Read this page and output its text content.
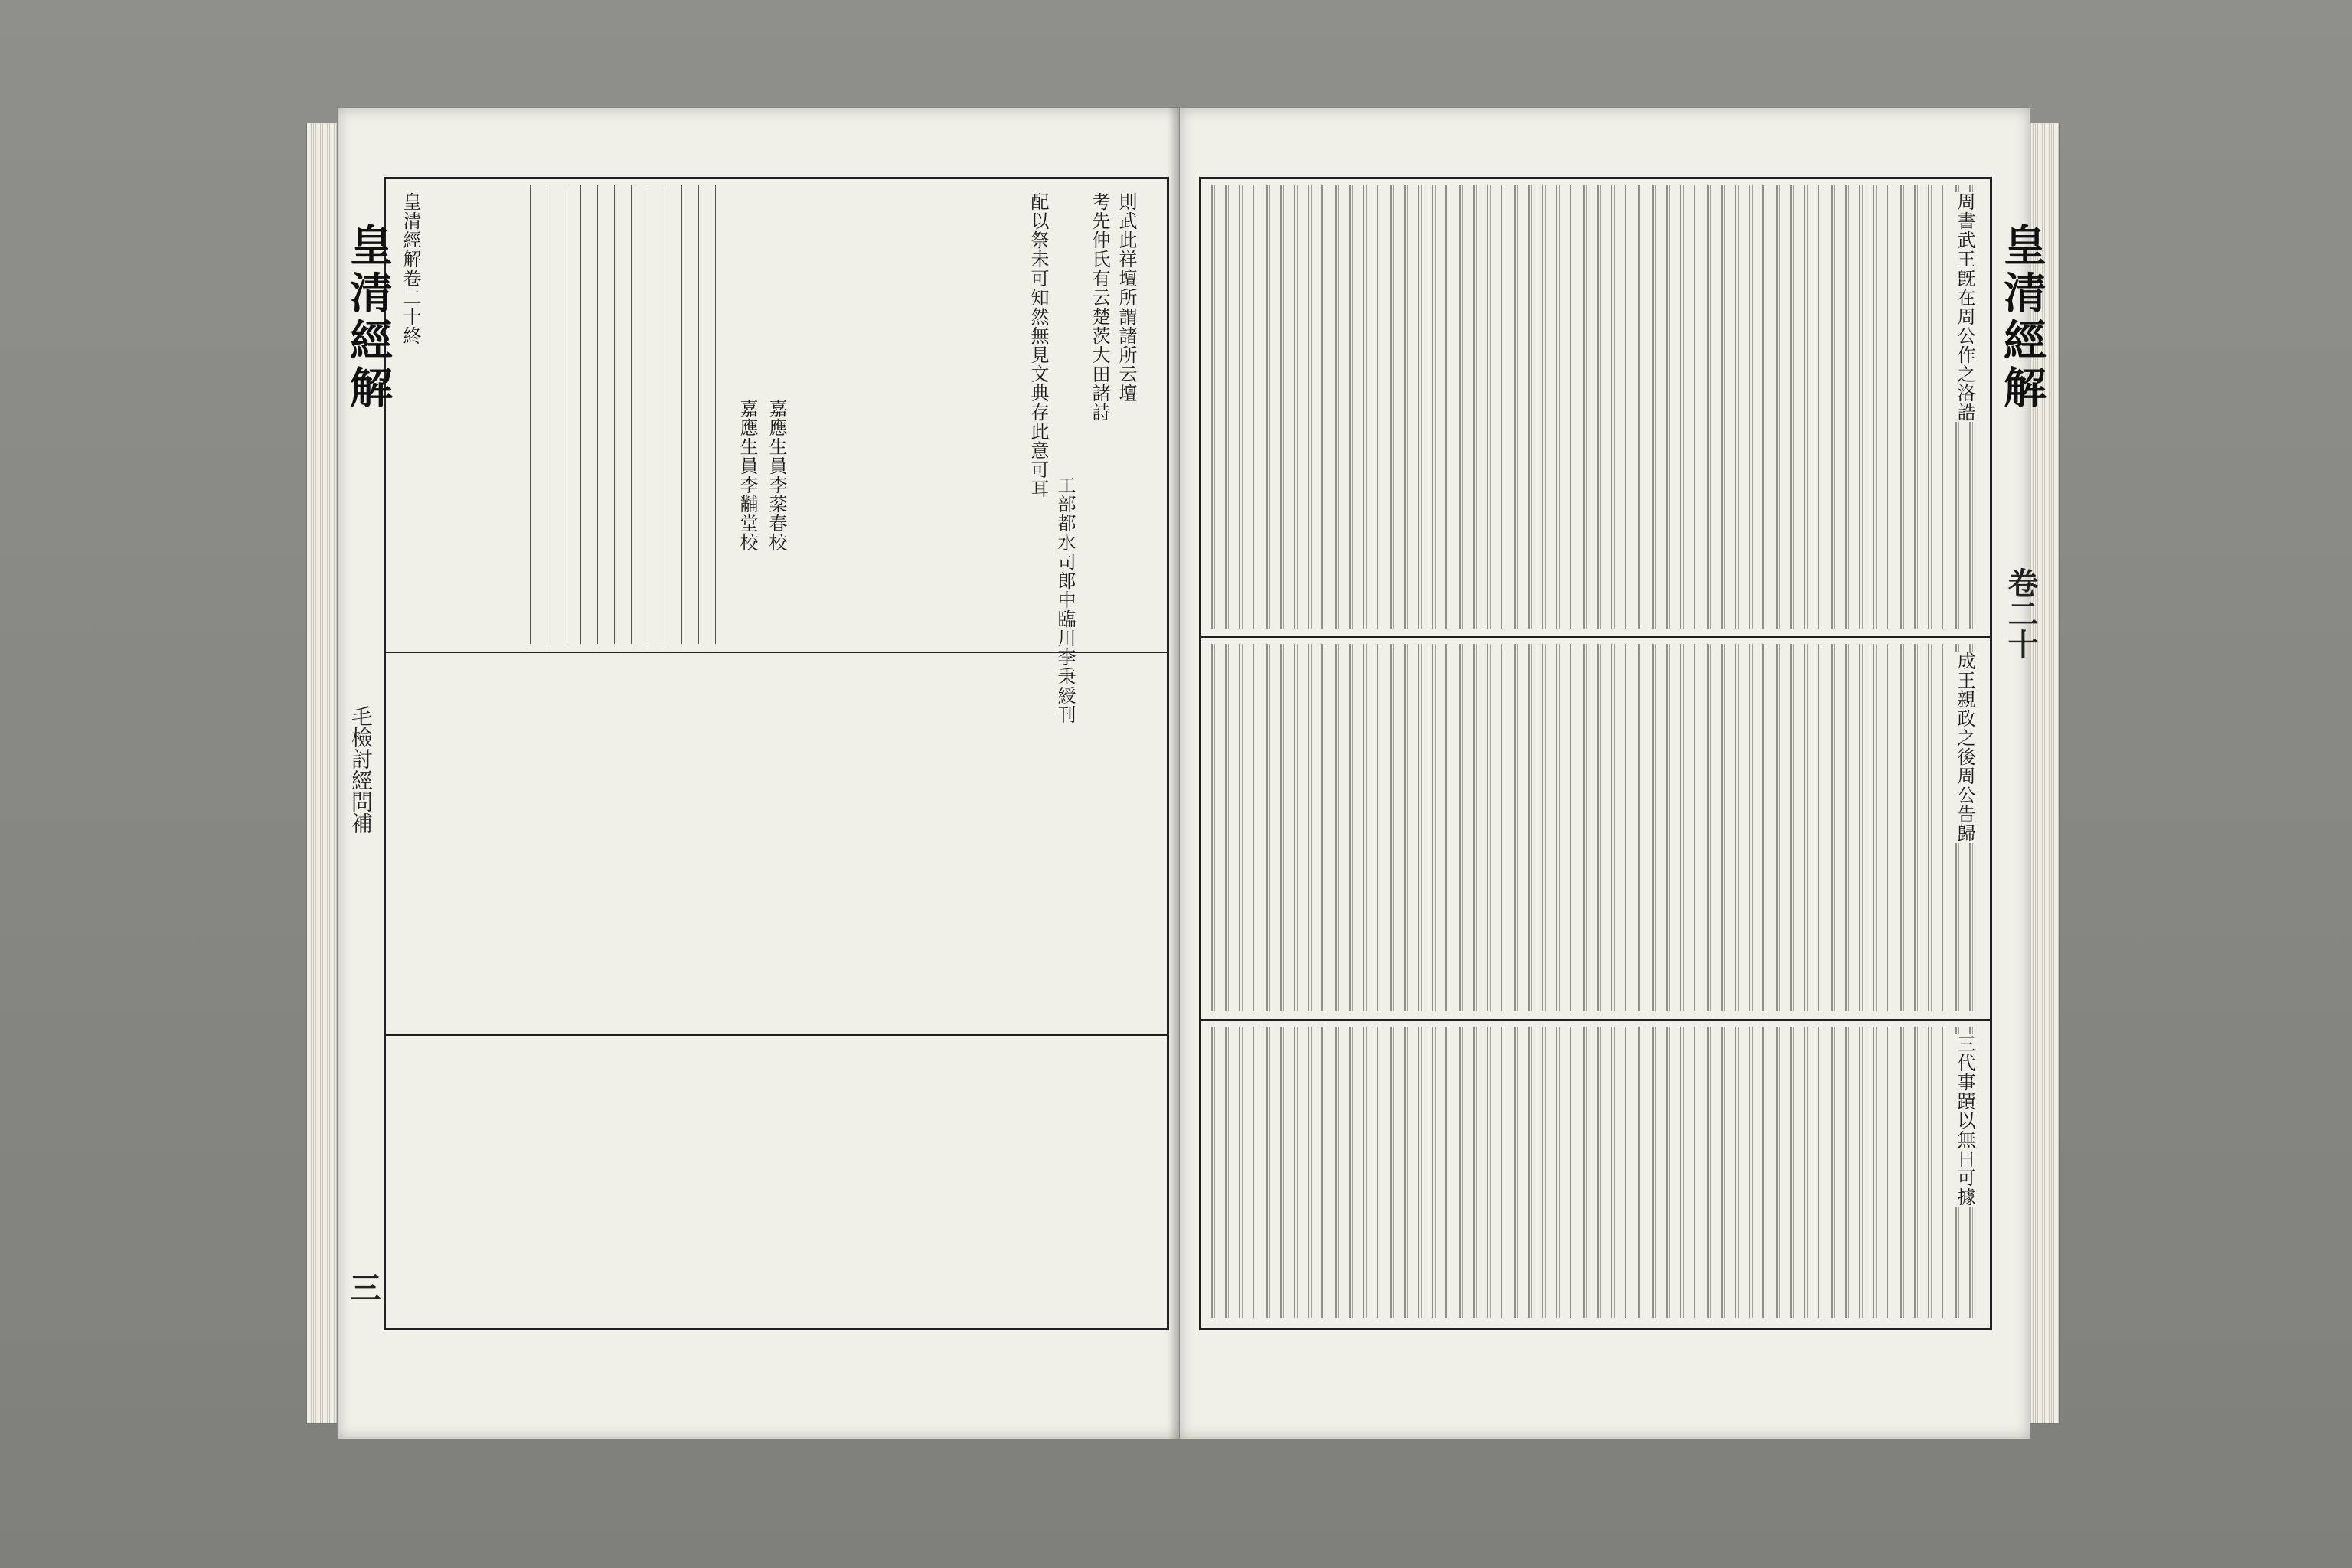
皇清經解
毛檢討經問補
皇清經解卷二十終
嘉應生員李黼堂校 嘉應生員李棻春校	工部都水司郎中臨川李秉綬刊
考先仲氏有云楚茨大田諸詩 則武此祥壇所謂諸所云壇
配以祭未可知然無見文典存此意可耳
三
周書武王旣在周公作之洛誥
成王親政之後周公告歸
三代事蹟以無日可據
皇清經解
卷二十
